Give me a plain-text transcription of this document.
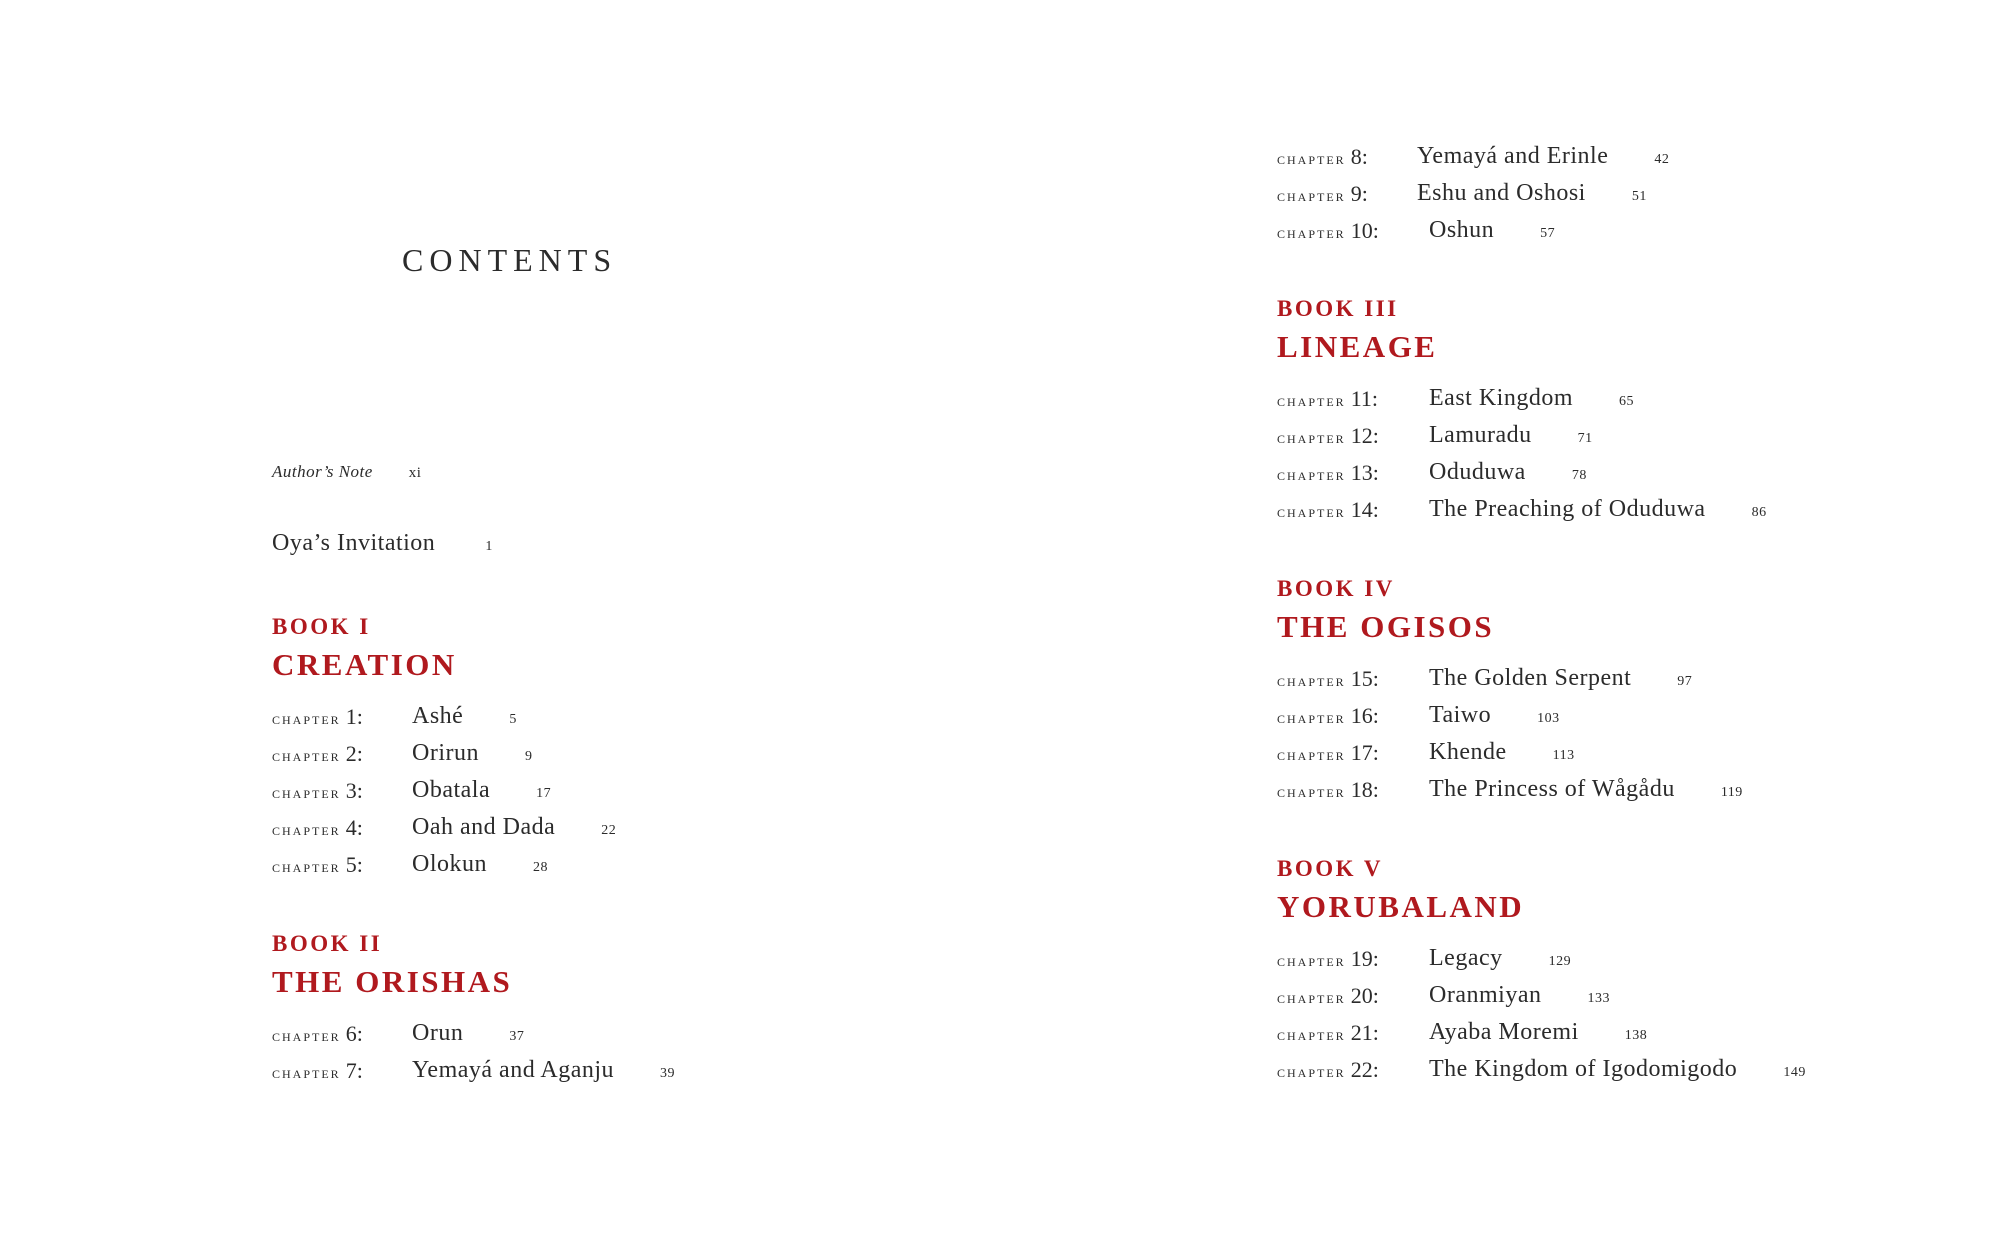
CONTENTS
Author’s Note xi
Oya’s Invitation	1
BOOK I
CREATION
chapter 1: Ashé	5
chapter 2: Orirun	9
chapter 3: Obatala	17
chapter 4: Oah and Dada	22
chapter 5: Olokun	28
BOOK II
THE ORISHAS
chapter 6: Orun	37
chapter 7: Yemayá and Aganju	39
chapter 8: Yemayá and Erinle	42
chapter 9: Eshu and Oshosi	51
chapter 10: Oshun	57
BOOK III
LINEAGE
chapter 11: East Kingdom	65
chapter 12: Lamuradu	71
chapter 13: Oduduwa	78
chapter 14: The Preaching of Oduduwa	86
BOOK IV
THE OGISOS
chapter 15: The Golden Serpent	97
chapter 16: Taiwo	103
chapter 17: Khende	113
chapter 18: The Princess of Wågådu	119
BOOK V
YORUBALAND
chapter 19: Legacy	129
chapter 20: Oranmiyan	133
chapter 21: Ayaba Moremi	138
chapter 22: The Kingdom of Igodomigodo	149
